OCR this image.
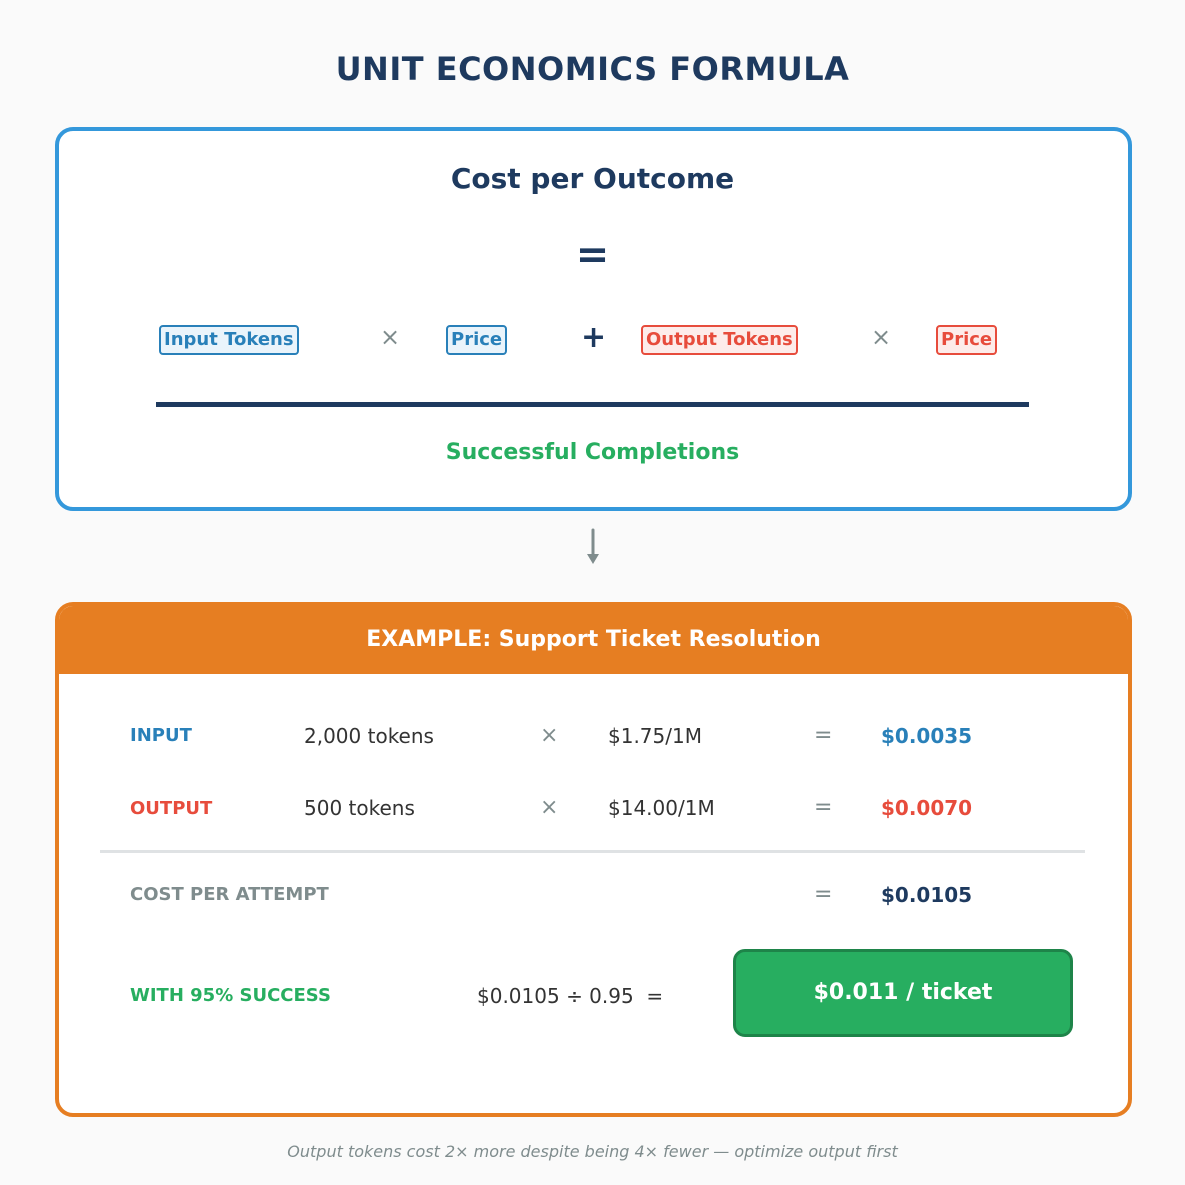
UNIT ECONOMICS FORMULA
Cost per Outcome
=
Input Tokens	×	Price	+ Output Tokens	×	Price
Successful Completions
EXAMPLE: Support Ticket Resolution
INPUT	2,000 tokens	× $1.75/1M	= $0.0035
OUTPUT	500 tokens	× $14.00/1M	= $0.0070
COST PER ATTEMPT	= $0.0105
WITH 95% SUCCESS	$0.0105 ÷ 0.95  =	$0.011 / ticket
Output tokens cost 2× more despite being 4× fewer — optimize output first
